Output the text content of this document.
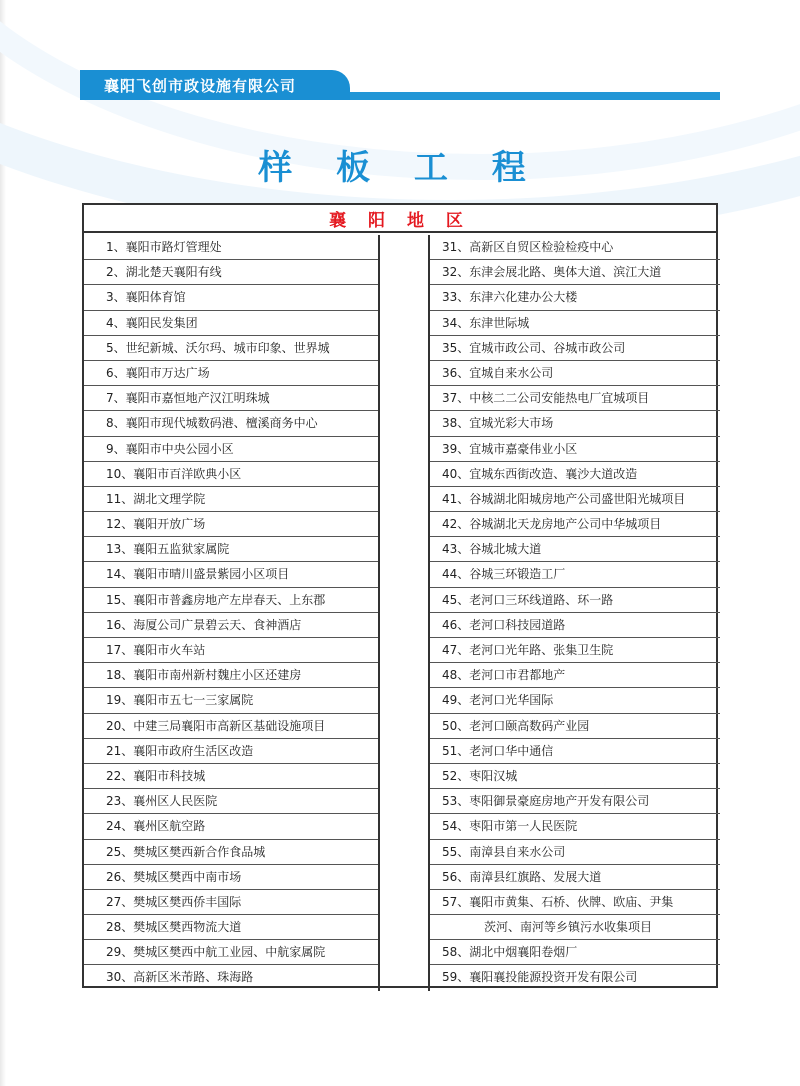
襄阳飞创市政设施有限公司
样 板 工 程
襄 阳 地 区
1、襄阳市路灯管理处
2、湖北楚天襄阳有线
3、襄阳体育馆
4、襄阳民发集团
5、世纪新城、沃尔玛、城市印象、世界城
6、襄阳市万达广场
7、襄阳市嘉恒地产汉江明珠城
8、襄阳市现代城数码港、檀溪商务中心
9、襄阳市中央公园小区
10、襄阳市百洋欧典小区
11、湖北文理学院
12、襄阳开放广场
13、襄阳五监狱家属院
14、襄阳市晴川盛景紫园小区项目
15、襄阳市普鑫房地产左岸春天、上东郡
16、海厦公司广景碧云天、食神酒店
17、襄阳市火车站
18、襄阳市南州新村魏庄小区还建房
19、襄阳市五七一三家属院
20、中建三局襄阳市高新区基础设施项目
21、襄阳市政府生活区改造
22、襄阳市科技城
23、襄州区人民医院
24、襄州区航空路
25、樊城区樊西新合作食品城
26、樊城区樊西中南市场
27、樊城区樊西侨丰国际
28、樊城区樊西物流大道
29、樊城区樊西中航工业园、中航家属院
30、高新区米芾路、珠海路
31、高新区自贸区检验检疫中心
32、东津会展北路、奥体大道、滨江大道
33、东津六化建办公大楼
34、东津世际城
35、宜城市政公司、谷城市政公司
36、宜城自来水公司
37、中核二二公司安能热电厂宜城项目
38、宜城光彩大市场
39、宜城市嘉豪伟业小区
40、宜城东西街改造、襄沙大道改造
41、谷城湖北阳城房地产公司盛世阳光城项目
42、谷城湖北天龙房地产公司中华城项目
43、谷城北城大道
44、谷城三环锻造工厂
45、老河口三环线道路、环一路
46、老河口科技园道路
47、老河口光年路、张集卫生院
48、老河口市君都地产
49、老河口光华国际
50、老河口颐高数码产业园
51、老河口华中通信
52、枣阳汉城
53、枣阳御景豪庭房地产开发有限公司
54、枣阳市第一人民医院
55、南漳县自来水公司
56、南漳县红旗路、发展大道
57、襄阳市黄集、石桥、伙牌、欧庙、尹集
茨河、南河等乡镇污水收集项目
58、湖北中烟襄阳卷烟厂
59、襄阳襄投能源投资开发有限公司
